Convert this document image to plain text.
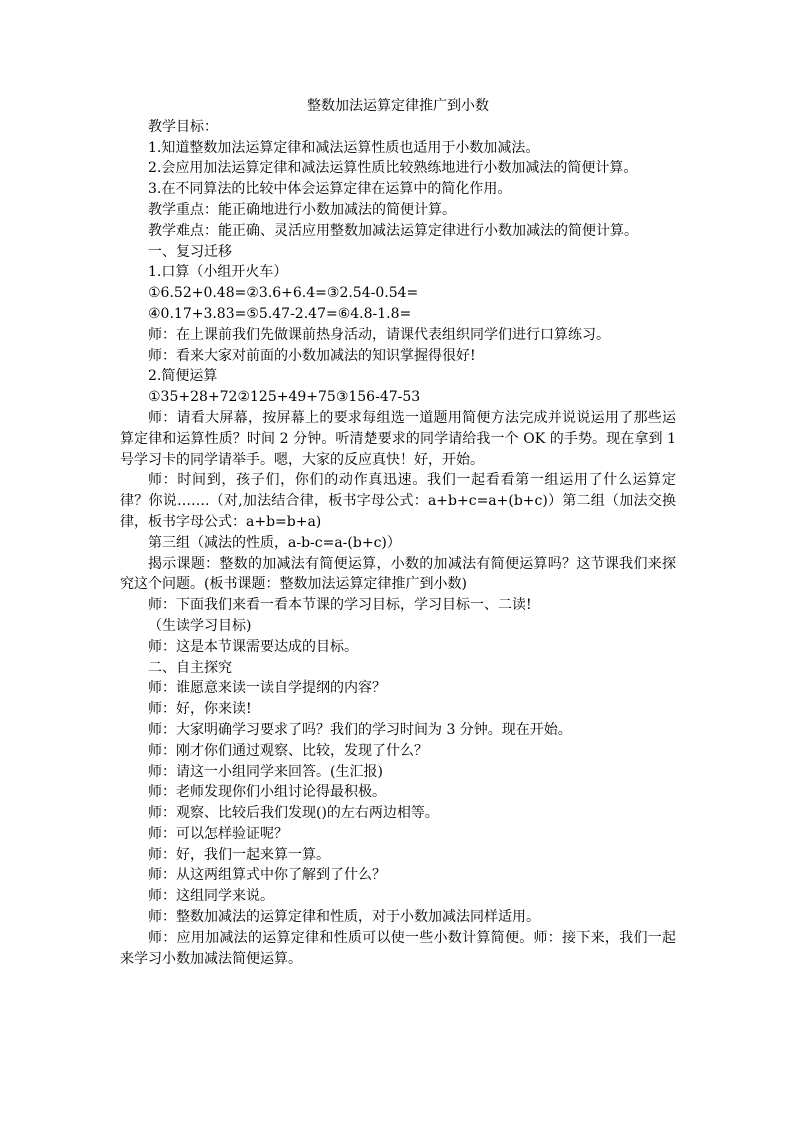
整数加法运算定律推广到小数

教学目标：

1.知道整数加法运算定律和减法运算性质也适用于小数加减法。

2.会应用加法运算定律和减法运算性质比较熟练地进行小数加减法的简便计算。

3.在不同算法的比较中体会运算定律在运算中的简化作用。

教学重点：能正确地进行小数加减法的简便计算。

教学难点：能正确、灵活应用整数加减法运算定律进行小数加减法的简便计算。

一、复习迁移

1.口算（小组开火车）

①6.52+0.48=②3.6+6.4=③2.54-0.54=

④0.17+3.83=⑤5.47-2.47=⑥4.8-1.8=

师：在上课前我们先做课前热身活动，请课代表组织同学们进行口算练习。

师：看来大家对前面的小数加减法的知识掌握得很好!

2.简便运算

①35+28+72②125+49+75③156-47-53

师：请看大屏幕，按屏幕上的要求每组选一道题用简便方法完成并说说运用了那些运算定律和运算性质？时间 2 分钟。听清楚要求的同学请给我一个 OK 的手势。现在拿到 1 号学习卡的同学请举手。嗯，大家的反应真快！好，开始。

师：时间到，孩子们，你们的动作真迅速。我们一起看看第一组运用了什么运算定律？你说…….（对,加法结合律，板书字母公式：a+b+c=a+(b+c)）第二组（加法交换律，板书字母公式：a+b=b+a)

第三组（减法的性质，a-b-c=a-(b+c)）

揭示课题：整数的加减法有简便运算，小数的加减法有简便运算吗？这节课我们来探究这个问题。(板书课题：整数加法运算定律推广到小数)

师：下面我们来看一看本节课的学习目标，学习目标一、二读!

（生读学习目标)

师：这是本节课需要达成的目标。

二、自主探究

师：谁愿意来读一读自学提纲的内容？

师：好，你来读!

师：大家明确学习要求了吗？我们的学习时间为 3 分钟。现在开始。

师：刚才你们通过观察、比较，发现了什么？

师：请这一小组同学来回答。(生汇报)

师：老师发现你们小组讨论得最积极。

师：观察、比较后我们发现()的左右两边相等。

师：可以怎样验证呢？

师：好，我们一起来算一算。

师：从这两组算式中你了解到了什么？

师：这组同学来说。

师：整数加减法的运算定律和性质，对于小数加减法同样适用。

师：应用加减法的运算定律和性质可以使一些小数计算简便。师：接下来，我们一起来学习小数加减法简便运算。
